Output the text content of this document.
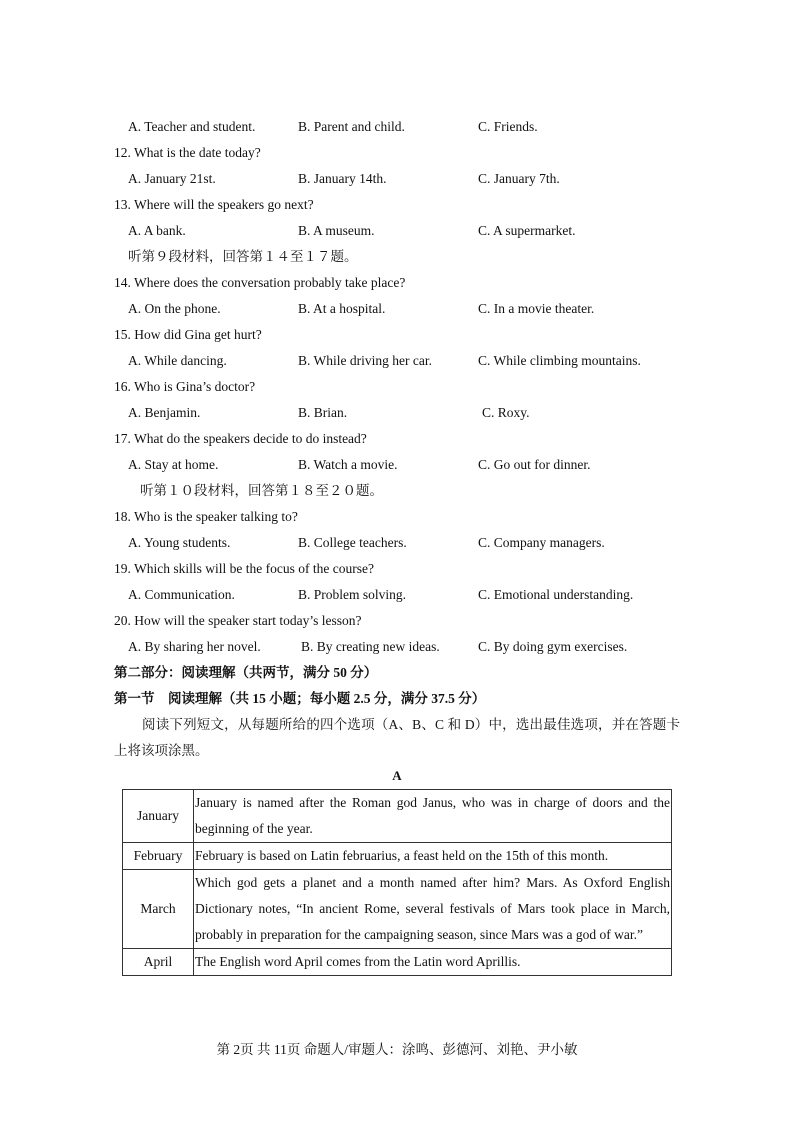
A. Teacher and student.	B. Parent and child.	C. Friends.
12. What is the date today?
A. January 21st.	B. January 14th.	C. January 7th.
13. Where will the speakers go next?
A. A bank.	B. A museum.	C. A supermarket.
听第９段材料，回答第１４至１７题。
14. Where does the conversation probably take place?
A. On the phone.	B. At a hospital.	C. In a movie theater.
15. How did Gina get hurt?
A. While dancing.	B. While driving her car.	C. While climbing mountains.
16. Who is Gina’s doctor?
A. Benjamin.	B. Brian.	C. Roxy.
17. What do the speakers decide to do instead?
A. Stay at home.	B. Watch a movie.	C. Go out for dinner.
听第１０段材料，回答第１８至２０题。
18. Who is the speaker talking to?
A. Young students.	B. College teachers.	C. Company managers.
19. Which skills will be the focus of the course?
A. Communication.	B. Problem solving.	C. Emotional understanding.
20. How will the speaker start today’s lesson?
A. By sharing her novel.	B. By creating new ideas.	C. By doing gym exercises.
第二部分：阅读理解（共两节，满分 50 分）
第一节　阅读理解（共 15 小题；每小题 2.5 分，满分 37.5 分）
阅读下列短文，从每题所给的四个选项（A、B、C 和 D）中，选出最佳选项，并在答题卡上将该项涂黑。
A
January	January is named after the Roman god Janus, who was in charge of doors and the beginning of the year.
February	February is based on Latin februarius, a feast held on the 15th of this month.
March	Which god gets a planet and a month named after him? Mars. As Oxford English Dictionary notes, “In ancient Rome, several festivals of Mars took place in March, probably in preparation for the campaigning season, since Mars was a god of war.”
April	The English word April comes from the Latin word Aprillis.
第 2页 共 11页 命题人/审题人：涂鸣、彭德河、刘艳、尹小敏
